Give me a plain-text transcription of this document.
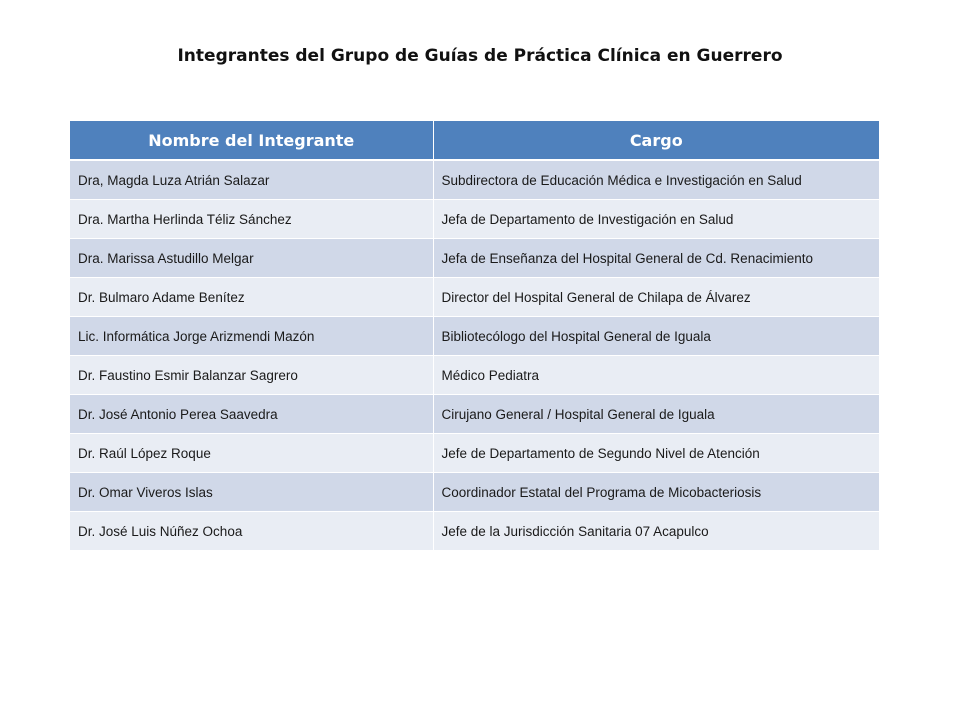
Integrantes del Grupo de Guías de Práctica Clínica en Guerrero
Nombre del Integrante	Cargo
Dra, Magda Luza Atrián Salazar	Subdirectora de Educación Médica e Investigación en Salud
Dra. Martha Herlinda Téliz Sánchez	Jefa de Departamento de Investigación en Salud
Dra. Marissa Astudillo Melgar	Jefa de Enseñanza del Hospital General de Cd. Renacimiento
Dr. Bulmaro Adame Benítez	Director del Hospital General de Chilapa de Álvarez
Lic. Informática Jorge Arizmendi Mazón	Bibliotecólogo del Hospital General de Iguala
Dr. Faustino Esmir Balanzar Sagrero	Médico Pediatra
Dr. José Antonio Perea Saavedra	Cirujano General / Hospital General de Iguala
Dr. Raúl López Roque	Jefe de Departamento de Segundo Nivel de Atención
Dr. Omar Viveros Islas	Coordinador Estatal del Programa de Micobacteriosis
Dr. José Luis Núñez Ochoa	Jefe de la Jurisdicción Sanitaria 07 Acapulco
